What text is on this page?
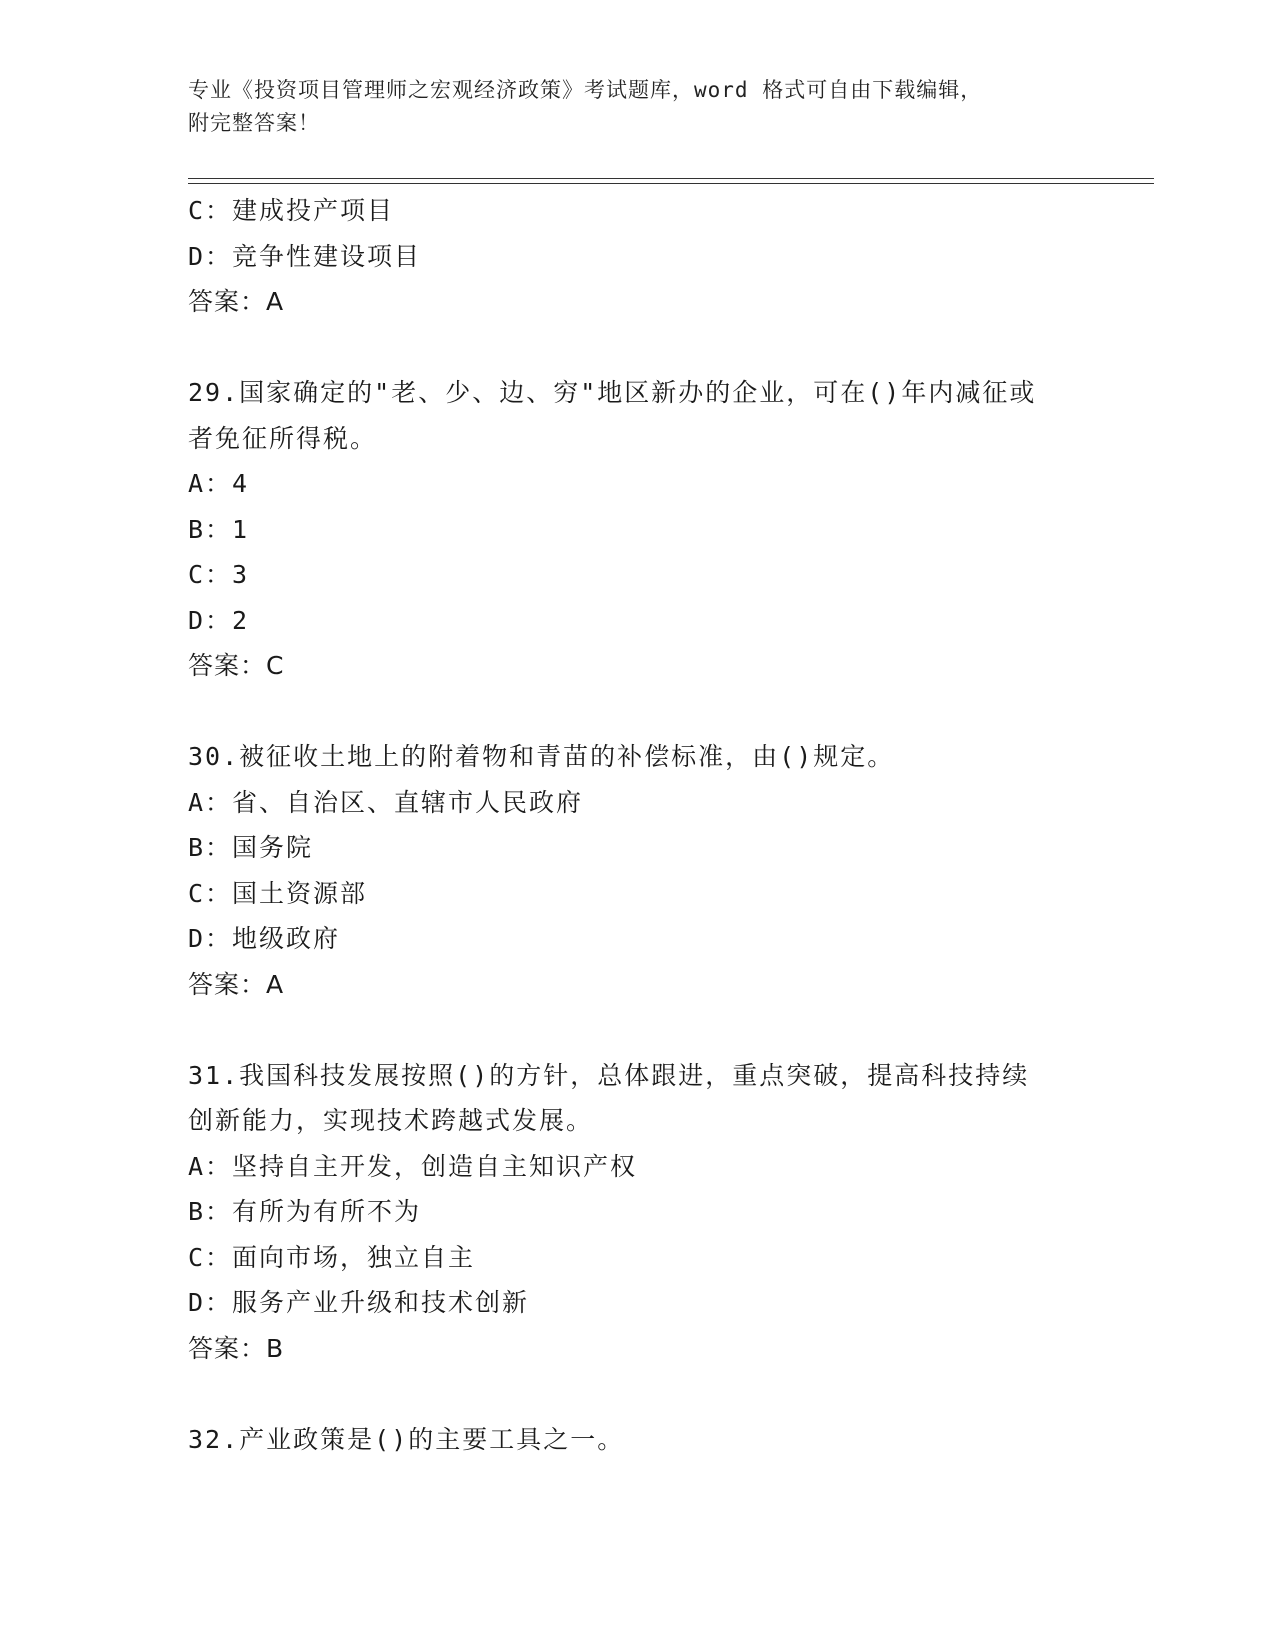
专业《投资项目管理师之宏观经济政策》考试题库，word 格式可自由下载编辑，
附完整答案！
C：建成投产项目
D：竞争性建设项目
答案：A
29.国家确定的"老、少、边、穷"地区新办的企业，可在()年内减征或
者免征所得税。
A：4
B：1
C：3
D：2
答案：C
30.被征收土地上的附着物和青苗的补偿标准，由()规定。
A：省、自治区、直辖市人民政府
B：国务院
C：国土资源部
D：地级政府
答案：A
31.我国科技发展按照()的方针，总体跟进，重点突破，提高科技持续
创新能力，实现技术跨越式发展。
A：坚持自主开发，创造自主知识产权
B：有所为有所不为
C：面向市场，独立自主
D：服务产业升级和技术创新
答案：B
32.产业政策是()的主要工具之一。
